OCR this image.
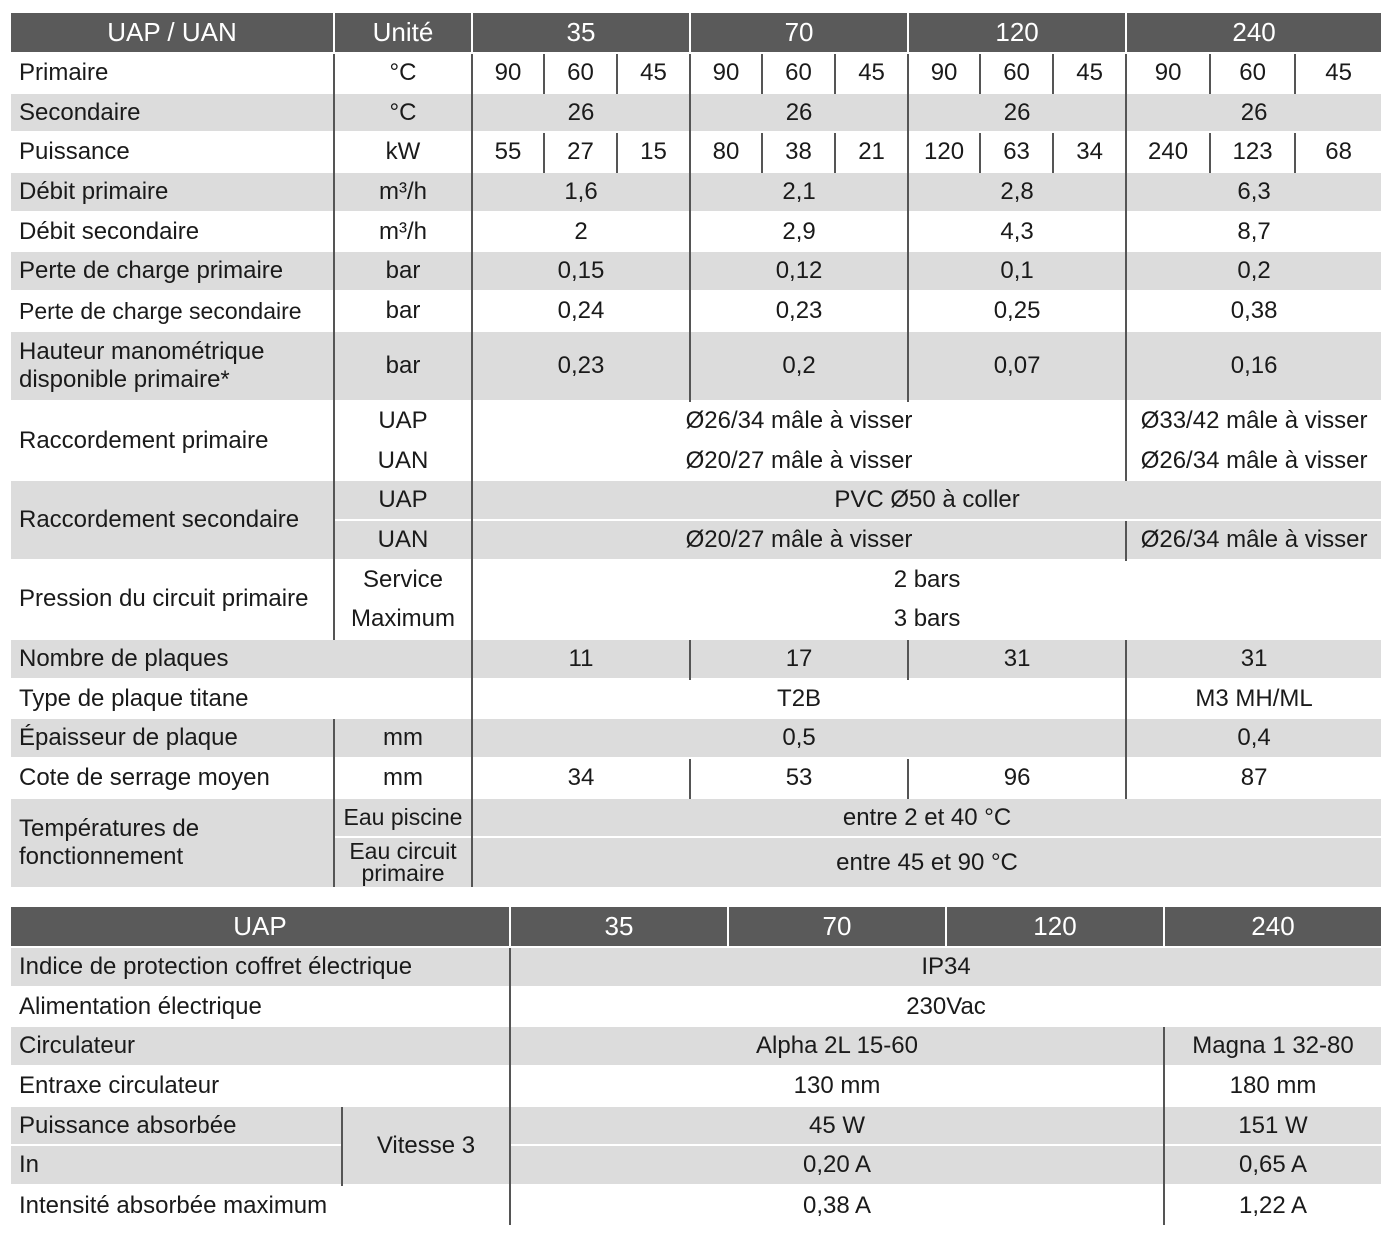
UAP / UAN	Unité	35			70			120			240		
Primaire	°C	90	60	45	90	60	45	90	60	45	90	60	45
Secondaire	°C	26			26			26			26		
Puissance	kW	55	27	15	80	38	21	120	63	34	240	123	68
Débit primaire	m³/h	1,6			2,1			2,8			6,3		
Débit secondaire	m³/h	2			2,9			4,3			8,7		
Perte de charge primaire	bar	0,15			0,12			0,1			0,2		
Perte de charge secondaire	bar	0,24			0,23			0,25			0,38		
Hauteur manométrique disponible primaire*	bar	0,23			0,2			0,07			0,16		
Raccordement primaire	UAP	Ø26/34 mâle à visser									Ø33/42 mâle à visser		
	UAN	Ø20/27 mâle à visser									Ø26/34 mâle à visser		
Raccordement secondaire	UAP	PVC Ø50 à coller											
	UAN	Ø20/27 mâle à visser									Ø26/34 mâle à visser		
Pression du circuit primaire	Service	2 bars											
	Maximum	3 bars											
Nombre de plaques		11			17			31			31		
Type de plaque titane		T2B									M3 MH/ML		
Épaisseur de plaque	mm	0,5									0,4		
Cote de serrage moyen	mm	34			53			96			87		
Températures de fonctionnement	Eau piscine	entre 2 et 40 °C											
	Eau circuit primaire	entre 45 et 90 °C											
UAP		35	70	120	240
Indice de protection coffret électrique		IP34			
Alimentation électrique		230Vac			
Circulateur		Alpha 2L 15-60			Magna 1 32-80
Entraxe circulateur		130 mm			180 mm
Puissance absorbée	Vitesse 3	45 W			151 W
In		0,20 A			0,65 A
Intensité absorbée maximum		0,38 A			1,22 A
